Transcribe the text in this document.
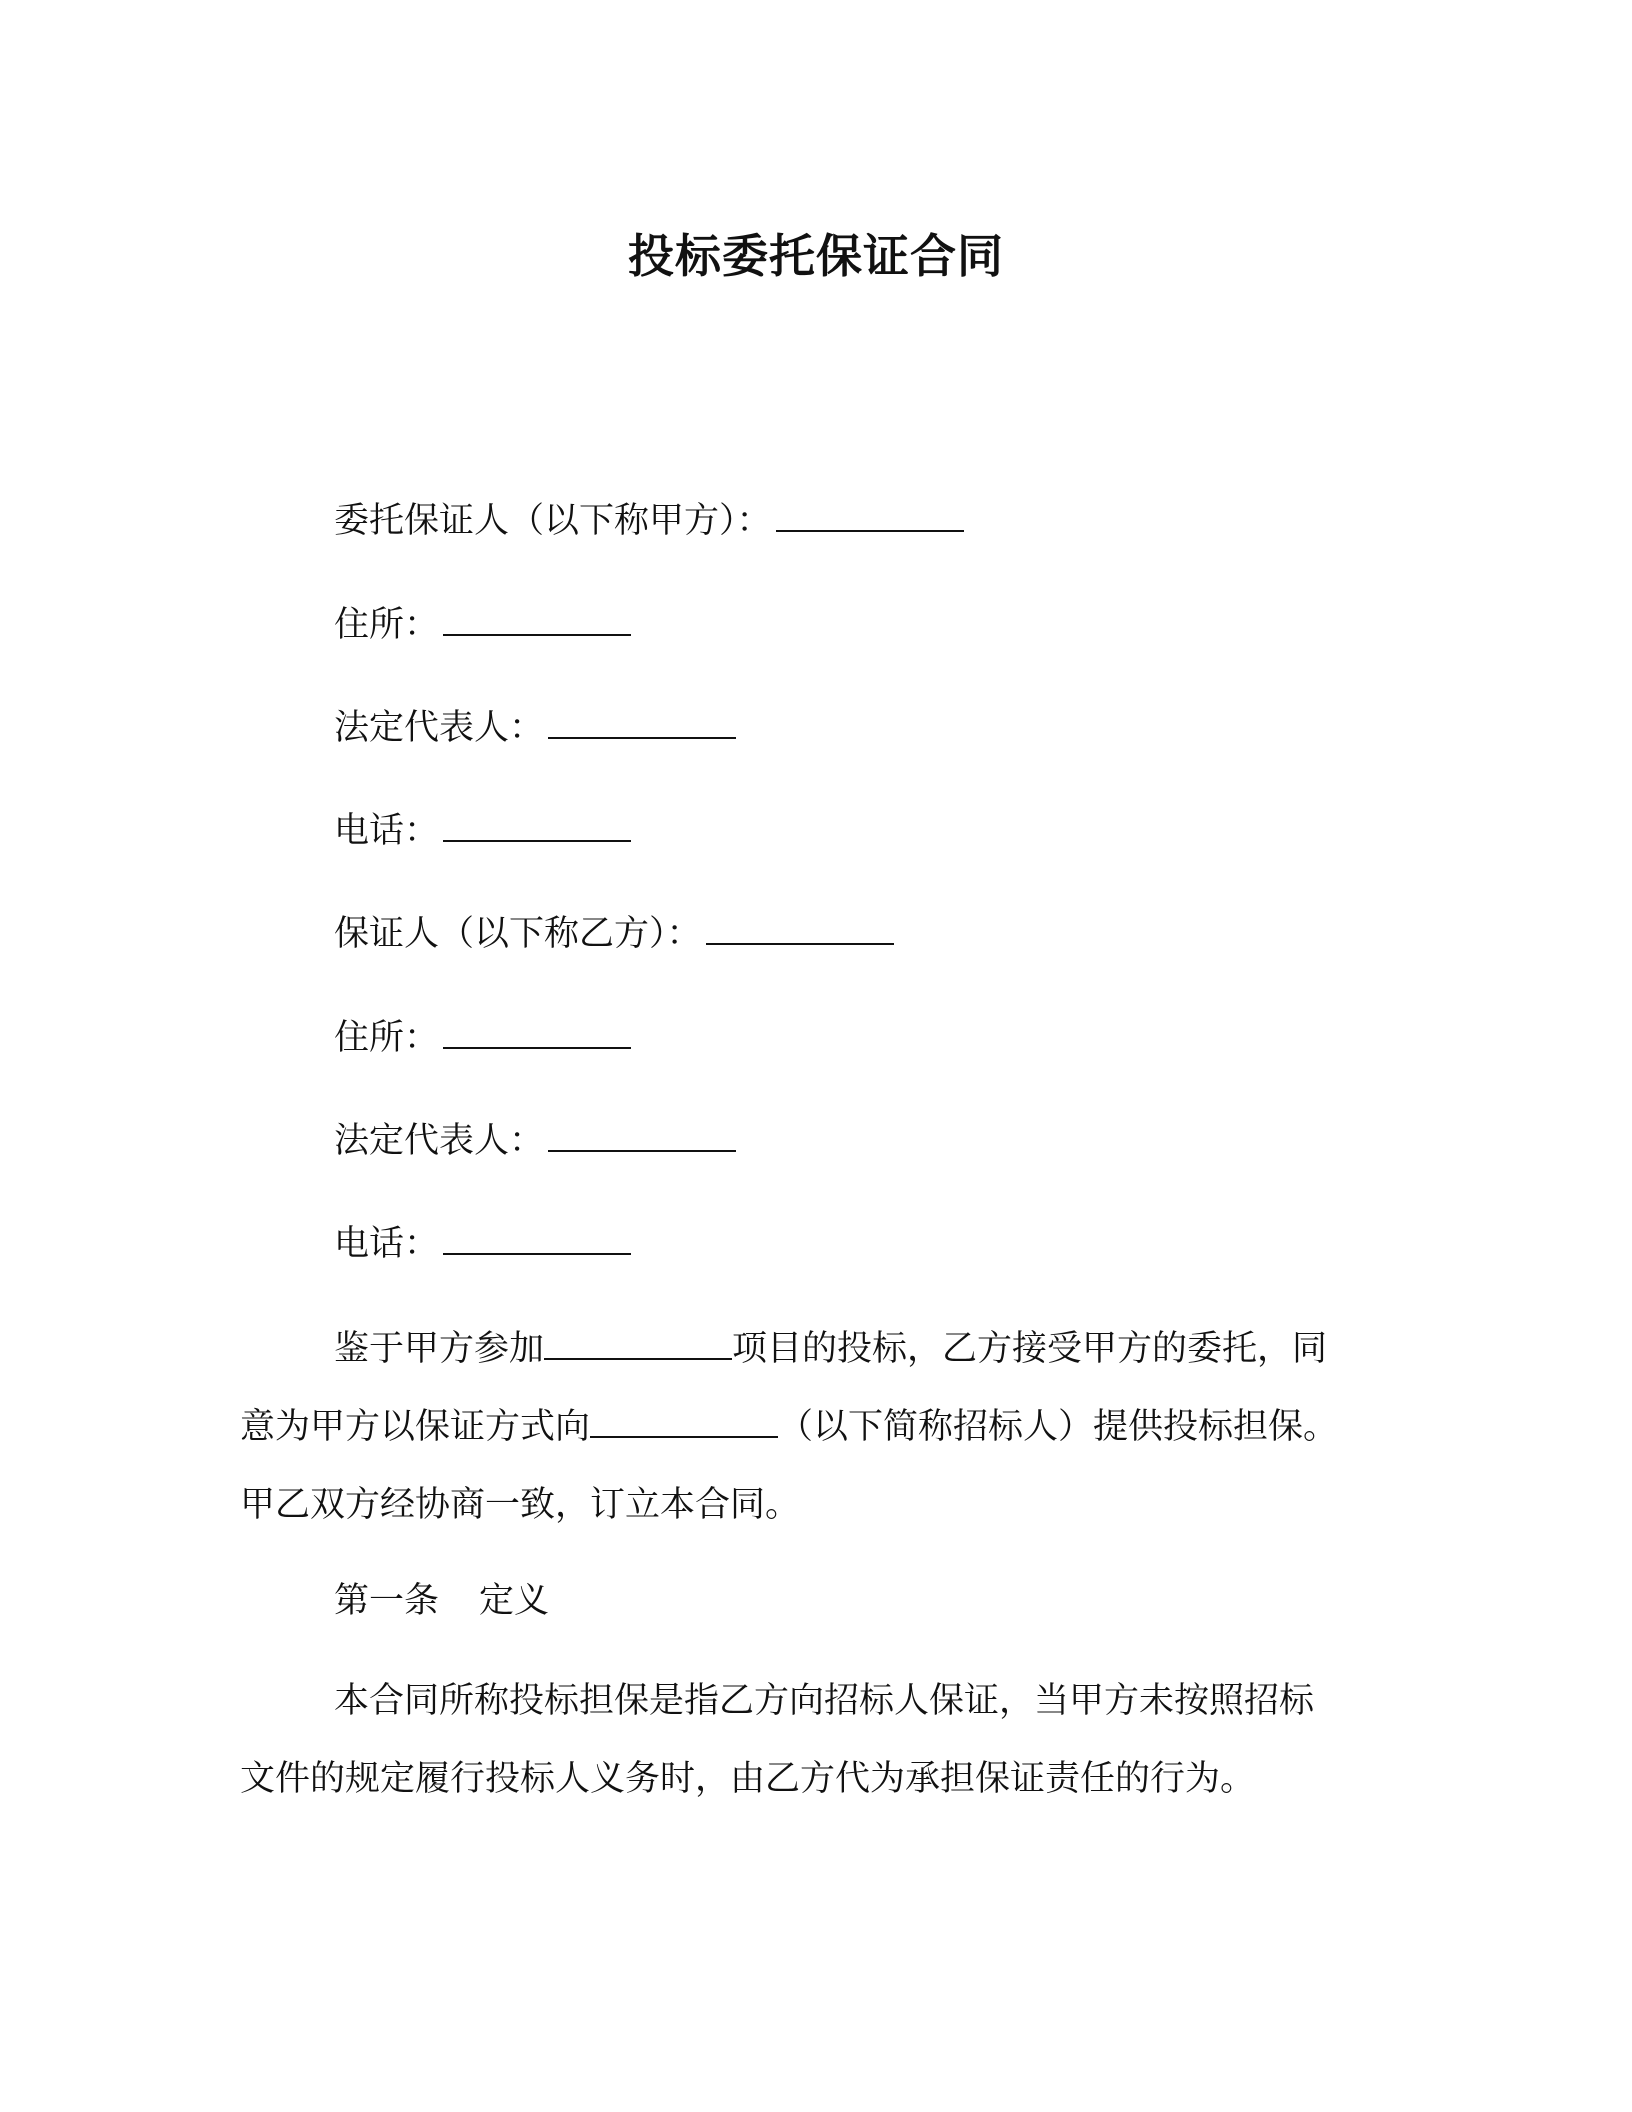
投标委托保证合同
委托保证人（以下称甲方）：
住所：
法定代表人：
电话：
保证人（以下称乙方）：
住所：
法定代表人：
电话：
鉴于甲方参加	项目的投标，乙方接受甲方的委托，同
意为甲方以保证方式向	（以下简称招标人）提供投标担保。
甲乙双方经协商一致，订立本合同。
第一条 定义
本合同所称投标担保是指乙方向招标人保证，当甲方未按照招标
文件的规定履行投标人义务时，由乙方代为承担保证责任的行为。
